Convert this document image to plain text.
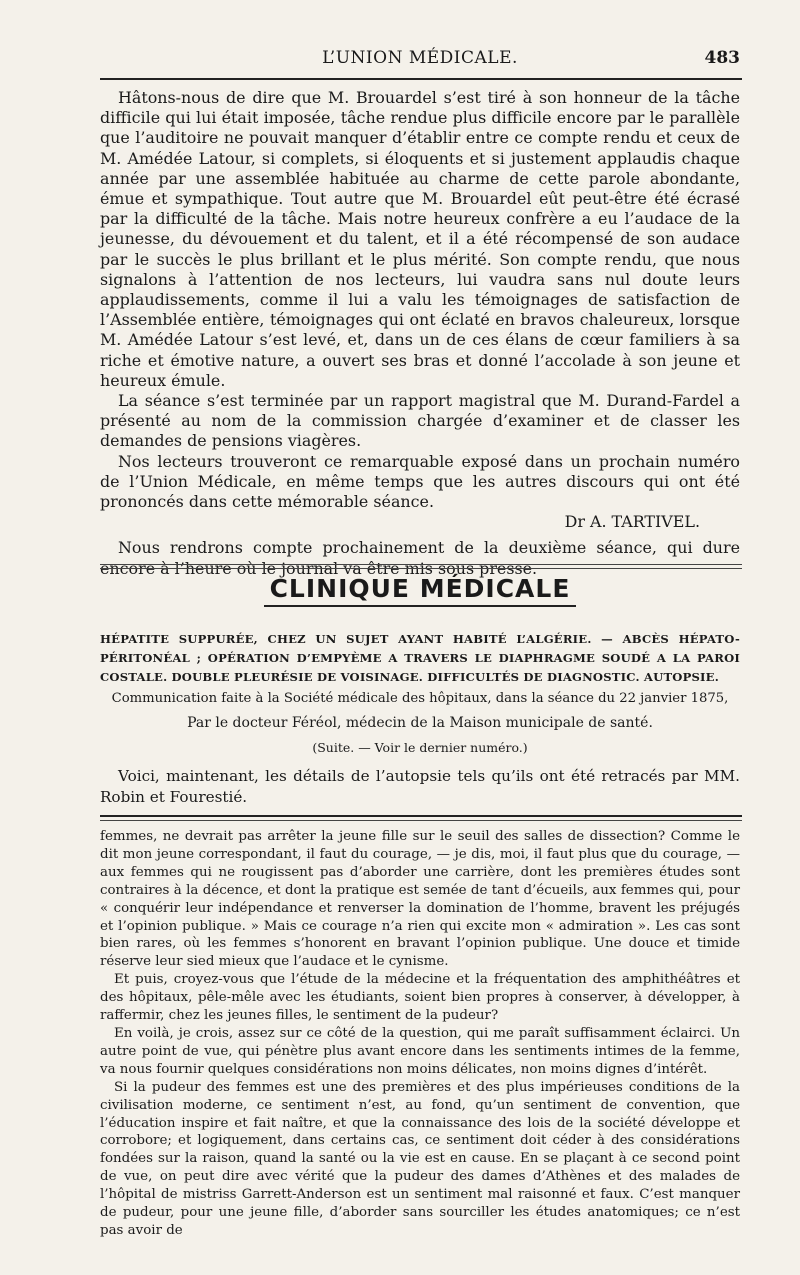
L’UNION MÉDICALE.	483

Hâtons-nous de dire que M. Brouardel s’est tiré à son honneur de la tâche difficile qui lui était imposée, tâche rendue plus difficile encore par le parallèle que l’auditoire ne pouvait manquer d’établir entre ce compte rendu et ceux de M. Amédée Latour, si complets, si éloquents et si justement applaudis chaque année par une assemblée habituée au charme de cette parole abondante, émue et sympathique. Tout autre que M. Brouardel eût peut-être été écrasé par la difficulté de la tâche. Mais notre heureux confrère a eu l’audace de la jeunesse, du dévouement et du talent, et il a été récompensé de son audace par le succès le plus brillant et le plus mérité. Son compte rendu, que nous signalons à l’attention de nos lecteurs, lui vaudra sans nul doute leurs applaudissements, comme il lui a valu les témoignages de satisfaction de l’Assemblée entière, témoignages qui ont éclaté en bravos chaleureux, lorsque M. Amédée Latour s’est levé, et, dans un de ces élans de cœur familiers à sa riche et émotive nature, a ouvert ses bras et donné l’accolade à son jeune et heureux émule.

La séance s’est terminée par un rapport magistral que M. Durand-Fardel a présenté au nom de la commission chargée d’examiner et de classer les demandes de pensions viagères.

Nos lecteurs trouveront ce remarquable exposé dans un prochain numéro de l’Union Médicale, en même temps que les autres discours qui ont été prononcés dans cette mémorable séance.

Dr A. TARTIVEL.

Nous rendrons compte prochainement de la deuxième séance, qui dure encore à l’heure où le journal va être mis sous presse.

CLINIQUE MÉDICALE
HÉPATITE SUPPURÉE, CHEZ UN SUJET AYANT HABITÉ L’ALGÉRIE. — ABCÈS HÉPATO-PÉRITONÉAL ; OPÉRATION D’EMPYÈME A TRAVERS LE DIAPHRAGME SOUDÉ A LA PAROI COSTALE. DOUBLE PLEURÉSIE DE VOISINAGE. DIFFICULTÉS DE DIAGNOSTIC. AUTOPSIE.
Communication faite à la Société médicale des hôpitaux, dans la séance du 22 janvier 1875,
Par le docteur Féréol, médecin de la Maison municipale de santé.
(Suite. — Voir le dernier numéro.)

Voici, maintenant, les détails de l’autopsie tels qu’ils ont été retracés par MM. Robin et Fourestié.

femmes, ne devrait pas arrêter la jeune fille sur le seuil des salles de dissection? Comme le dit mon jeune correspondant, il faut du courage, — je dis, moi, il faut plus que du courage, — aux femmes qui ne rougissent pas d’aborder une carrière, dont les premières études sont contraires à la décence, et dont la pratique est semée de tant d’écueils, aux femmes qui, pour « conquérir leur indépendance et renverser la domination de l’homme, bravent les préjugés et l’opinion publique. » Mais ce courage n’a rien qui excite mon « admiration ». Les cas sont bien rares, où les femmes s’honorent en bravant l’opinion publique. Une douce et timide réserve leur sied mieux que l’audace et le cynisme.

Et puis, croyez-vous que l’étude de la médecine et la fréquentation des amphithéâtres et des hôpitaux, pêle-mêle avec les étudiants, soient bien propres à conserver, à développer, à raffermir, chez les jeunes filles, le sentiment de la pudeur?

En voilà, je crois, assez sur ce côté de la question, qui me paraît suffisamment éclairci. Un autre point de vue, qui pénètre plus avant encore dans les sentiments intimes de la femme, va nous fournir quelques considérations non moins délicates, non moins dignes d’intérêt.

Si la pudeur des femmes est une des premières et des plus impérieuses conditions de la civilisation moderne, ce sentiment n’est, au fond, qu’un sentiment de convention, que l’éducation inspire et fait naître, et que la connaissance des lois de la société développe et corrobore; et logiquement, dans certains cas, ce sentiment doit céder à des considérations fondées sur la raison, quand la santé ou la vie est en cause. En se plaçant à ce second point de vue, on peut dire avec vérité que la pudeur des dames d’Athènes et des malades de l’hôpital de mistriss Garrett-Anderson est un sentiment mal raisonné et faux. C’est manquer de pudeur, pour une jeune fille, d’aborder sans sourciller les études anatomiques; ce n’est pas avoir de
